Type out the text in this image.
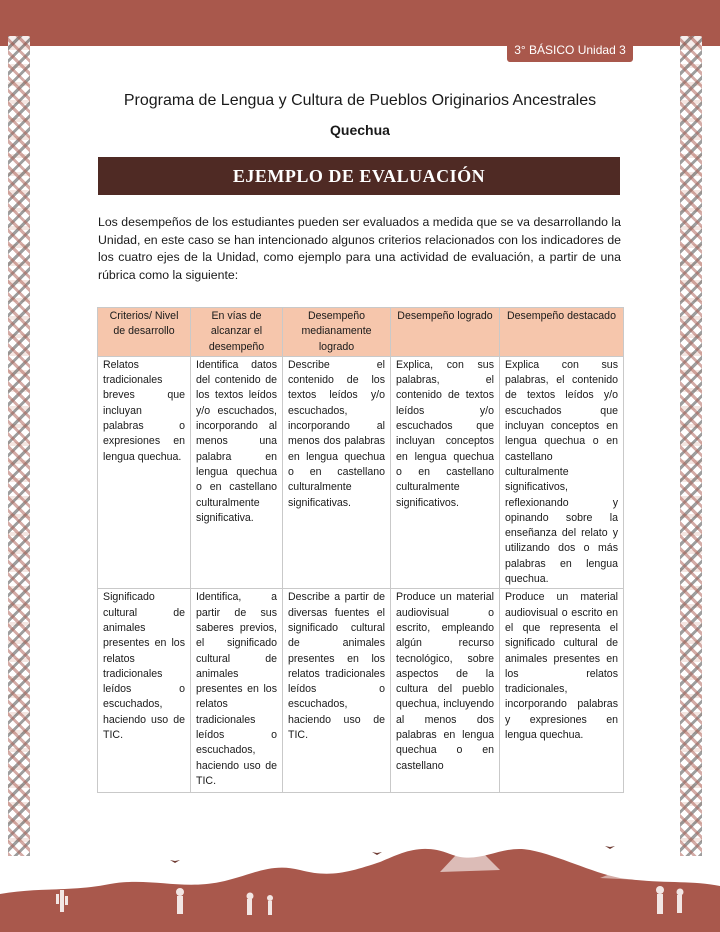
3° BÁSICO Unidad 3
Programa de Lengua y Cultura de Pueblos Originarios Ancestrales
Quechua
EJEMPLO DE EVALUACIÓN

Los desempeños de los estudiantes pueden ser evaluados a medida que se va desarrollando la Unidad, en este caso se han intencionado algunos criterios relacionados con los indicadores de los cuatro ejes de la Unidad, como ejemplo para una actividad de evaluación, a partir de una rúbrica como la siguiente:

Criterios/ Nivel de desarrollo	En vías de alcanzar el desempeño	Desempeño medianamente logrado	Desempeño logrado	Desempeño destacado
Relatos tradicionales breves que incluyan palabras o expresiones en lengua quechua.	Identifica datos del contenido de los textos leídos y/o escuchados, incorporando al menos una palabra en lengua quechua o en castellano culturalmente significativa.	Describe el contenido de los textos leídos y/o escuchados, incorporando al menos dos palabras en lengua quechua o en castellano culturalmente significativas.	Explica, con sus palabras, el contenido de textos leídos y/o escuchados que incluyan conceptos en lengua quechua o en castellano culturalmente significativos.	Explica con sus palabras, el contenido de textos leídos y/o escuchados que incluyan conceptos en lengua quechua o en castellano culturalmente significativos, reflexionando y opinando sobre la enseñanza del relato y utilizando dos o más palabras en lengua quechua.
Significado cultural de animales presentes en los relatos tradicionales leídos o escuchados, haciendo uso de TIC.	Identifica, a partir de sus saberes previos, el significado cultural de animales presentes en los relatos tradicionales leídos o escuchados, haciendo uso de TIC.	Describe a partir de diversas fuentes el significado cultural de animales presentes en los relatos tradicionales leídos o escuchados, haciendo uso de TIC.	Produce un material audiovisual o escrito, empleando algún recurso tecnológico, sobre aspectos de la cultura del pueblo quechua, incluyendo al menos dos palabras en lengua quechua o en castellano	Produce un material audiovisual o escrito en el que representa el significado cultural de animales presentes en los relatos tradicionales, incorporando palabras y expresiones en lengua quechua.
